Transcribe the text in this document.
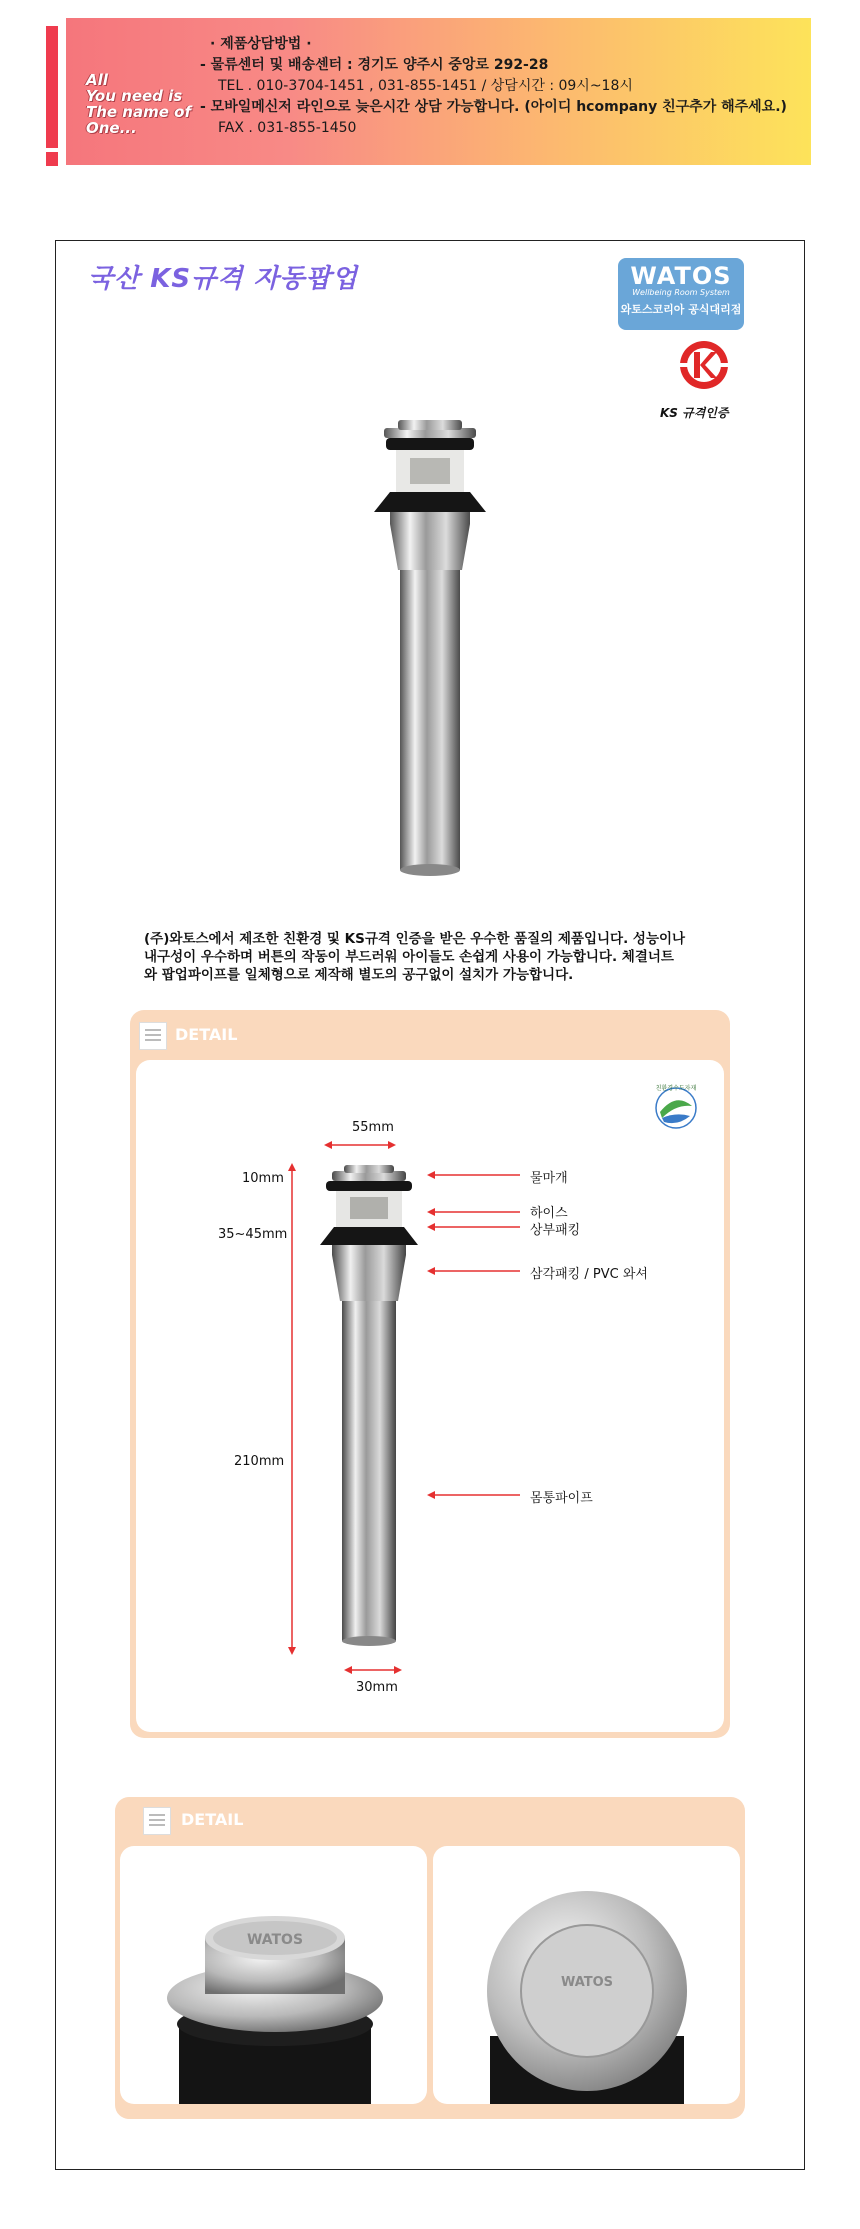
All
You need is
The name of
One...
· 제품상담방법 ·
- 물류센터 및 배송센터 : 경기도 양주시 중앙로 292-28
TEL . 010-3704-1451 , 031-855-1451 / 상담시간 : 09시~18시
- 모바일메신저 라인으로 늦은시간 상담 가능합니다. (아이디 hcompany 친구추가 해주세요.)
FAX . 031-855-1450
국산 KS규격 자동팝업	WATOS
Wellbeing Room System
와토스코리아 공식대리점
KS 규격인증
(주)와토스에서 제조한 친환경 및 KS규격 인증을 받은 우수한 품질의 제품입니다. 성능이나
내구성이 우수하며 버튼의 작동이 부드러워 아이들도 손쉽게 사용이 가능합니다. 체결너트
와 팝업파이프를 일체형으로 제작해 별도의 공구없이 설치가 가능합니다.
DETAIL
친환경수도자재
55mm
10mm
35~45mm
210mm
30mm
물마개
하이스
상부패킹
삼각패킹 / PVC 와셔
몸통파이프
DETAIL
WATOS
WATOS
